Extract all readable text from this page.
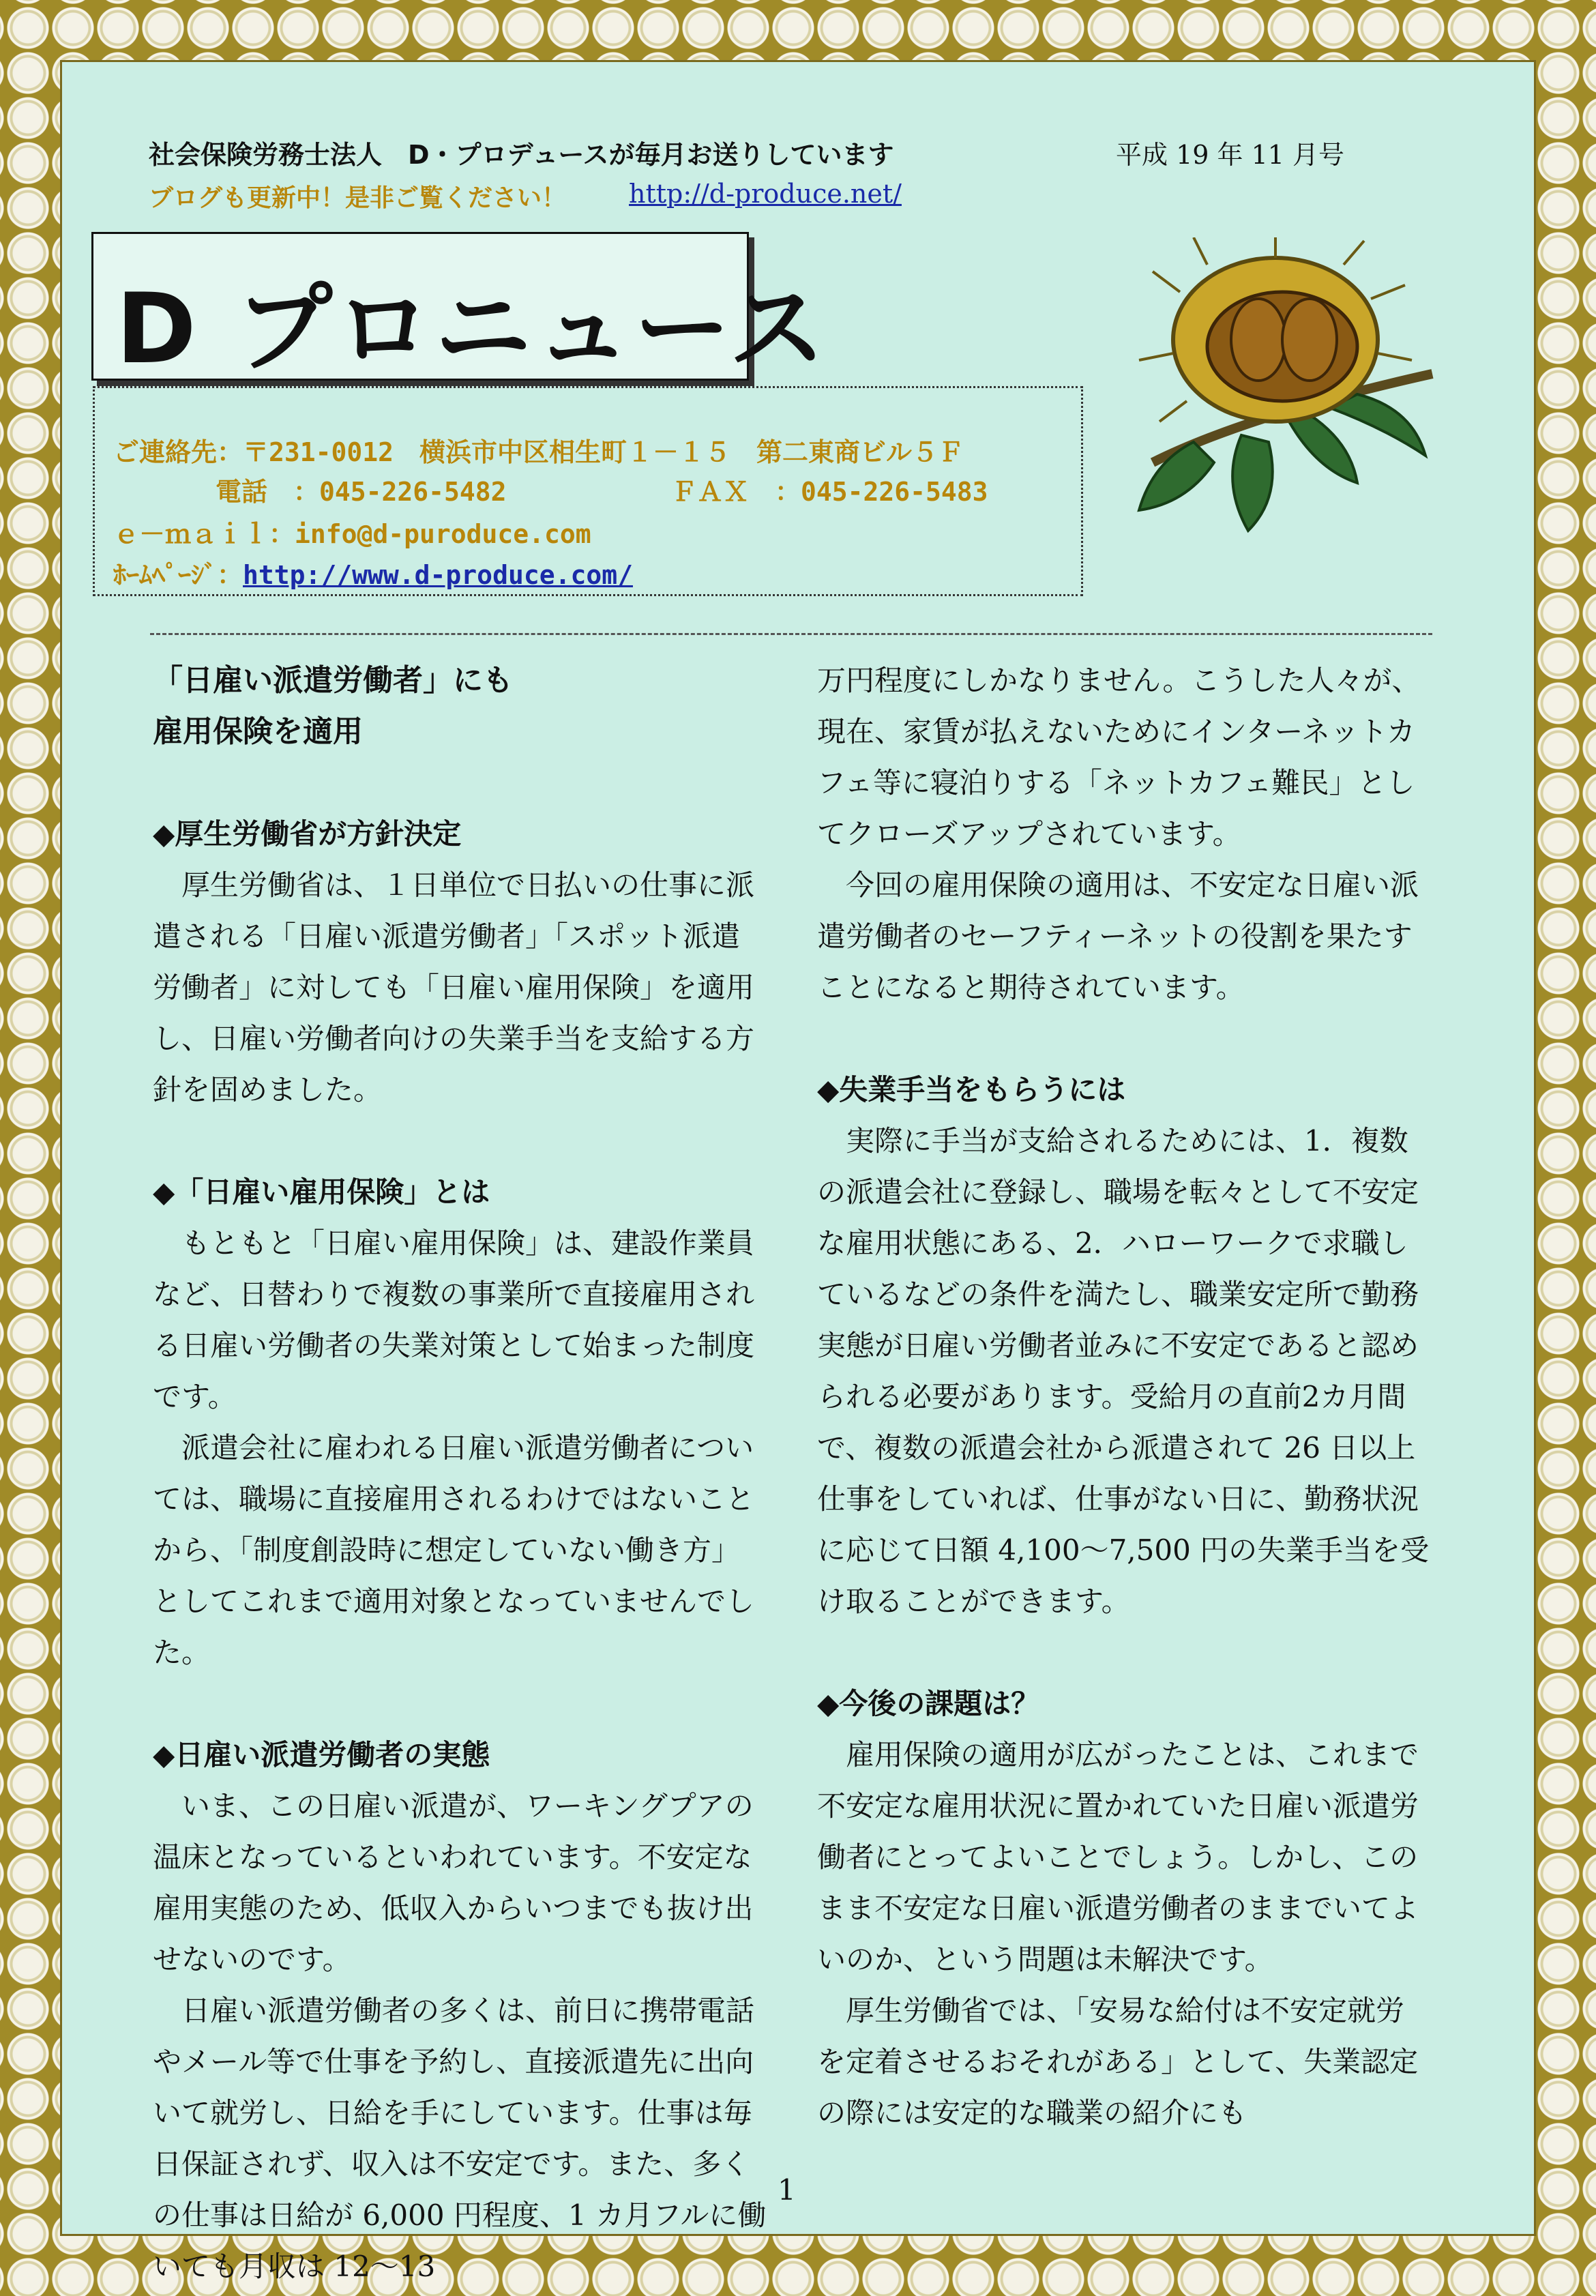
社会保険労務士法人　D・プロデュースが毎月お送りしています	平成 19 年 11 月号
ブログも更新中！是非ご覧ください！ http://d-produce.net/
D プロニュース
ご連絡先：〒231-0012　横浜市中区相生町１－１５　第二東商ビル５Ｆ
電話　：045-226-5482	ＦＡＸ　：045-226-5483
ｅ－ｍａｉｌ：info@d-puroduce.com
ﾎｰﾑﾍﾟｰｼﾞ：http://www.d-produce.com/
「日雇い派遣労働者」にも
雇用保険を適用
◆厚生労働省が方針決定

厚生労働省は、１日単位で日払いの仕事に派遣される「日雇い派遣労働者」「スポット派遣労働者」に対しても「日雇い雇用保険」を適用し、日雇い労働者向けの失業手当を支給する方針を固めました。

◆「日雇い雇用保険」とは

もともと「日雇い雇用保険」は、建設作業員など、日替わりで複数の事業所で直接雇用される日雇い労働者の失業対策として始まった制度です。

派遣会社に雇われる日雇い派遣労働者については、職場に直接雇用されるわけではないことから、「制度創設時に想定していない働き方」としてこれまで適用対象となっていませんでした。

◆日雇い派遣労働者の実態

いま、この日雇い派遣が、ワーキングプアの温床となっているといわれています。不安定な雇用実態のため、低収入からいつまでも抜け出せないのです。

日雇い派遣労働者の多くは、前日に携帯電話やメール等で仕事を予約し、直接派遣先に出向いて就労し、日給を手にしています。仕事は毎日保証されず、収入は不安定です。また、多くの仕事は日給が 6,000 円程度、1 カ月フルに働いても月収は 12～13

万円程度にしかなりません。こうした人々が、現在、家賃が払えないためにインターネットカフェ等に寝泊りする「ネットカフェ難民」としてクローズアップされています。

今回の雇用保険の適用は、不安定な日雇い派遣労働者のセーフティーネットの役割を果たすことになると期待されています。

◆失業手当をもらうには

実際に手当が支給されるためには、1．複数の派遣会社に登録し、職場を転々として不安定な雇用状態にある、2．ハローワークで求職しているなどの条件を満たし、職業安定所で勤務実態が日雇い労働者並みに不安定であると認められる必要があります。受給月の直前2カ月間で、複数の派遣会社から派遣されて 26 日以上仕事をしていれば、仕事がない日に、勤務状況に応じて日額 4,100～7,500 円の失業手当を受け取ることができます。

◆今後の課題は？

雇用保険の適用が広がったことは、これまで不安定な雇用状況に置かれていた日雇い派遣労働者にとってよいことでしょう。しかし、このまま不安定な日雇い派遣労働者のままでいてよいのか、という問題は未解決です。

厚生労働省では、「安易な給付は不安定就労を定着させるおそれがある」として、失業認定の際には安定的な職業の紹介にも

1
